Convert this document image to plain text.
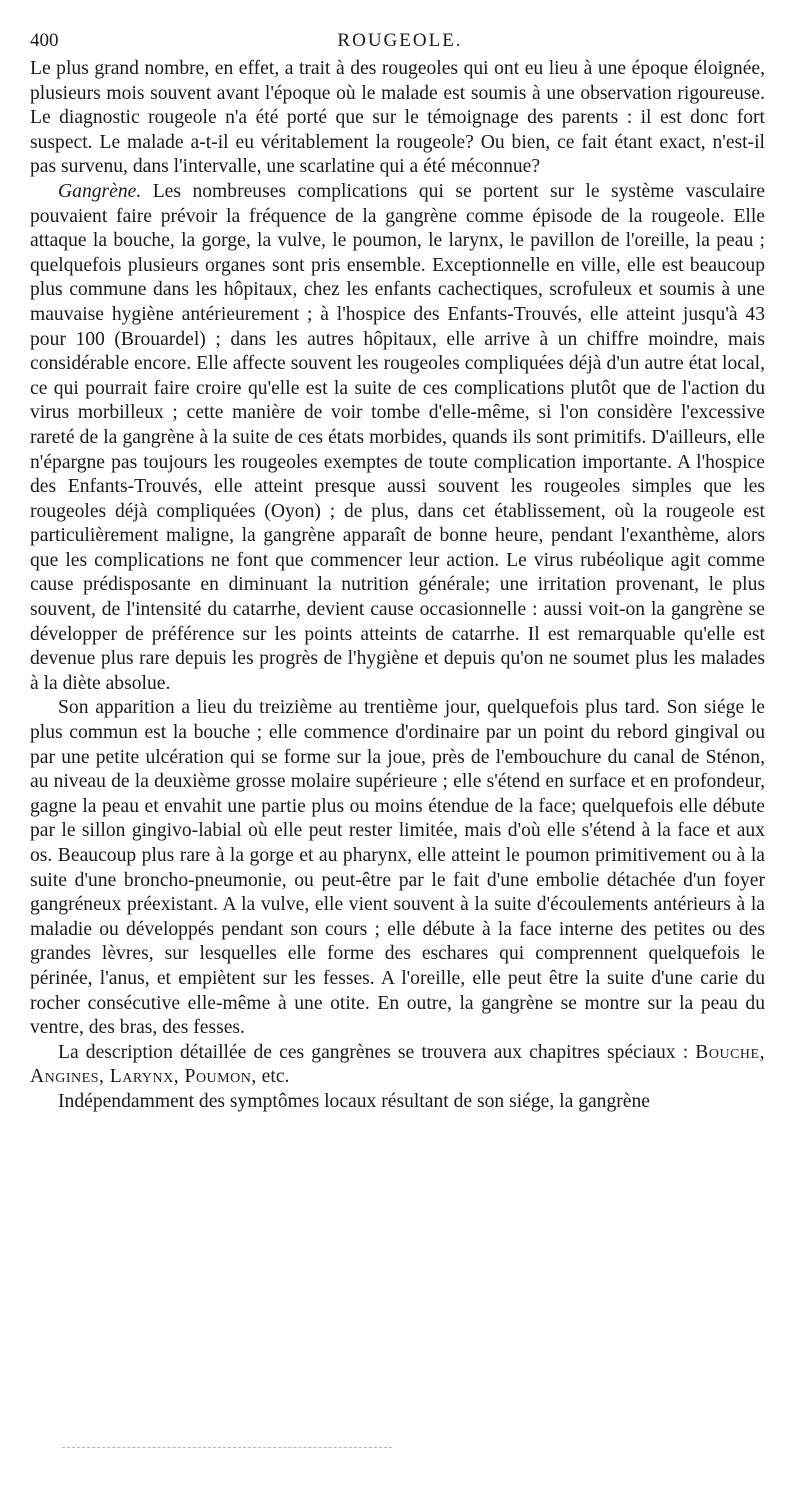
400	ROUGEOLE.

Le plus grand nombre, en effet, a trait à des rougeoles qui ont eu lieu à une époque éloignée, plusieurs mois souvent avant l'époque où le malade est soumis à une observation rigoureuse. Le diagnostic rougeole n'a été porté que sur le témoignage des parents : il est donc fort suspect. Le malade a-t-il eu véritablement la rougeole? Ou bien, ce fait étant exact, n'est-il pas survenu, dans l'intervalle, une scarlatine qui a été méconnue?

Gangrène. Les nombreuses complications qui se portent sur le système vasculaire pouvaient faire prévoir la fréquence de la gangrène comme épisode de la rougeole. Elle attaque la bouche, la gorge, la vulve, le poumon, le larynx, le pavillon de l'oreille, la peau ; quelquefois plusieurs organes sont pris ensemble. Exceptionnelle en ville, elle est beaucoup plus commune dans les hôpitaux, chez les enfants cachectiques, scrofuleux et soumis à une mauvaise hygiène antérieurement ; à l'hospice des Enfants-Trouvés, elle atteint jusqu'à 43 pour 100 (Brouardel) ; dans les autres hôpitaux, elle arrive à un chiffre moindre, mais considérable encore. Elle affecte souvent les rougeoles compliquées déjà d'un autre état local, ce qui pourrait faire croire qu'elle est la suite de ces complications plutôt que de l'action du virus morbilleux ; cette manière de voir tombe d'elle-même, si l'on considère l'excessive rareté de la gangrène à la suite de ces états morbides, quands ils sont primitifs. D'ailleurs, elle n'épargne pas toujours les rougeoles exemptes de toute complication importante. A l'hospice des Enfants-Trouvés, elle atteint presque aussi souvent les rougeoles simples que les rougeoles déjà compliquées (Oyon) ; de plus, dans cet établissement, où la rougeole est particulièrement maligne, la gangrène apparaît de bonne heure, pendant l'exanthème, alors que les complications ne font que commencer leur action. Le virus rubéolique agit comme cause prédisposante en diminuant la nutrition générale; une irritation provenant, le plus souvent, de l'intensité du catarrhe, devient cause occasionnelle : aussi voit-on la gangrène se développer de préférence sur les points atteints de catarrhe. Il est remarquable qu'elle est devenue plus rare depuis les progrès de l'hygiène et depuis qu'on ne soumet plus les malades à la diète absolue.

Son apparition a lieu du treizième au trentième jour, quelquefois plus tard. Son siége le plus commun est la bouche ; elle commence d'ordinaire par un point du rebord gingival ou par une petite ulcération qui se forme sur la joue, près de l'embouchure du canal de Sténon, au niveau de la deuxième grosse molaire supérieure ; elle s'étend en surface et en profondeur, gagne la peau et envahit une partie plus ou moins étendue de la face; quelquefois elle débute par le sillon gingivo-labial où elle peut rester limitée, mais d'où elle s'étend à la face et aux os. Beaucoup plus rare à la gorge et au pharynx, elle atteint le poumon primitivement ou à la suite d'une broncho-pneumonie, ou peut-être par le fait d'une embolie détachée d'un foyer gangréneux préexistant. A la vulve, elle vient souvent à la suite d'écoulements antérieurs à la maladie ou développés pendant son cours ; elle débute à la face interne des petites ou des grandes lèvres, sur lesquelles elle forme des eschares qui comprennent quelquefois le périnée, l'anus, et empiètent sur les fesses. A l'oreille, elle peut être la suite d'une carie du rocher consécutive elle-même à une otite. En outre, la gangrène se montre sur la peau du ventre, des bras, des fesses.

La description détaillée de ces gangrènes se trouvera aux chapitres spéciaux : Bouche, Angines, Larynx, Poumon, etc.

Indépendamment des symptômes locaux résultant de son siége, la gangrène
